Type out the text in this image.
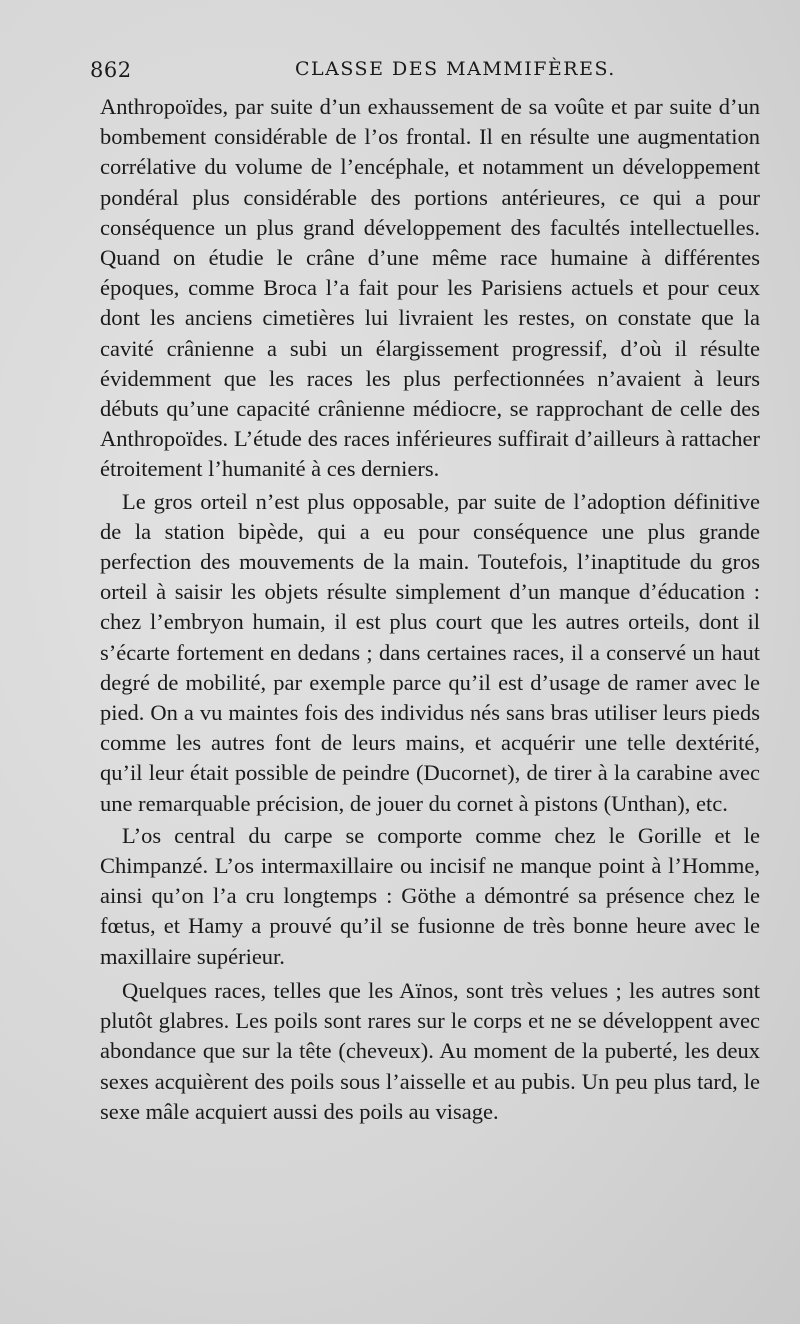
862	CLASSE DES MAMMIFÈRES.

Anthropoïdes, par suite d’un exhaussement de sa voûte et par suite d’un bombement considérable de l’os frontal. Il en résulte une augmentation corrélative du volume de l’encéphale, et notamment un développement pondéral plus considérable des portions antérieures, ce qui a pour conséquence un plus grand développement des facultés intellectuelles. Quand on étudie le crâne d’une même race humaine à différentes époques, comme Broca l’a fait pour les Parisiens actuels et pour ceux dont les anciens cimetières lui livraient les restes, on constate que la cavité crânienne a subi un élargissement progressif, d’où il résulte évidemment que les races les plus perfectionnées n’avaient à leurs débuts qu’une capacité crânienne médiocre, se rapprochant de celle des Anthropoïdes. L’étude des races inférieures suffirait d’ailleurs à rattacher étroitement l’humanité à ces derniers.

Le gros orteil n’est plus opposable, par suite de l’adoption définitive de la station bipède, qui a eu pour conséquence une plus grande perfection des mouvements de la main. Toutefois, l’inaptitude du gros orteil à saisir les objets résulte simplement d’un manque d’éducation : chez l’embryon humain, il est plus court que les autres orteils, dont il s’écarte fortement en dedans ; dans certaines races, il a conservé un haut degré de mobilité, par exemple parce qu’il est d’usage de ramer avec le pied. On a vu maintes fois des individus nés sans bras utiliser leurs pieds comme les autres font de leurs mains, et acquérir une telle dextérité, qu’il leur était possible de peindre (Ducornet), de tirer à la carabine avec une remarquable précision, de jouer du cornet à pistons (Unthan), etc.

L’os central du carpe se comporte comme chez le Gorille et le Chimpanzé. L’os intermaxillaire ou incisif ne manque point à l’Homme, ainsi qu’on l’a cru longtemps : Göthe a démontré sa présence chez le fœtus, et Hamy a prouvé qu’il se fusionne de très bonne heure avec le maxillaire supérieur.

Quelques races, telles que les Aïnos, sont très velues ; les autres sont plutôt glabres. Les poils sont rares sur le corps et ne se développent avec abondance que sur la tête (cheveux). Au moment de la puberté, les deux sexes acquièrent des poils sous l’aisselle et au pubis. Un peu plus tard, le sexe mâle acquiert aussi des poils au visage.
